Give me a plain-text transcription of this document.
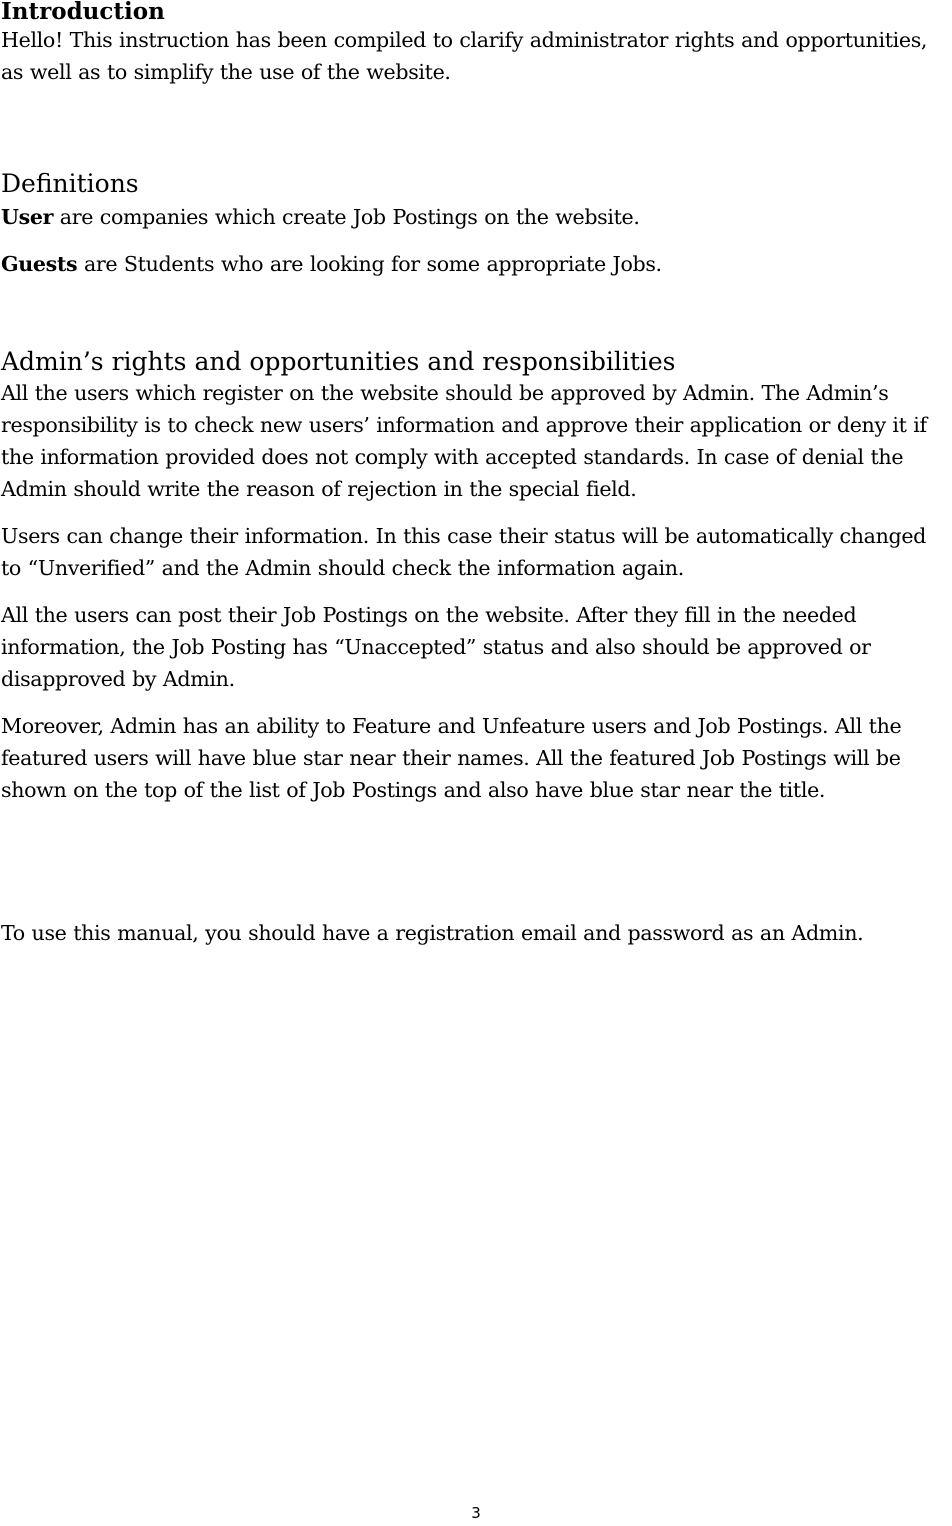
Introduction

Hello! This instruction has been compiled to clarify administrator rights and opportunities, as well as to simplify the use of the website.

Definitions

User are companies which create Job Postings on the website.

Guests are Students who are looking for some appropriate Jobs.

Admin’s rights and opportunities and responsibilities

All the users which register on the website should be approved by Admin. The Admin’s responsibility is to check new users’ information and approve their application or deny it if the information provided does not comply with accepted standards. In case of denial the Admin should write the reason of rejection in the special field.

Users can change their information. In this case their status will be automatically changed to “Unverified” and the Admin should check the information again.

All the users can post their Job Postings on the website. After they fill in the needed information, the Job Posting has “Unaccepted” status and also should be approved or disapproved by Admin.

Moreover, Admin has an ability to Feature and Unfeature users and Job Postings. All the featured users will have blue star near their names. All the featured Job Postings will be shown on the top of the list of Job Postings and also have blue star near the title.

To use this manual, you should have a registration email and password as an Admin.

3
